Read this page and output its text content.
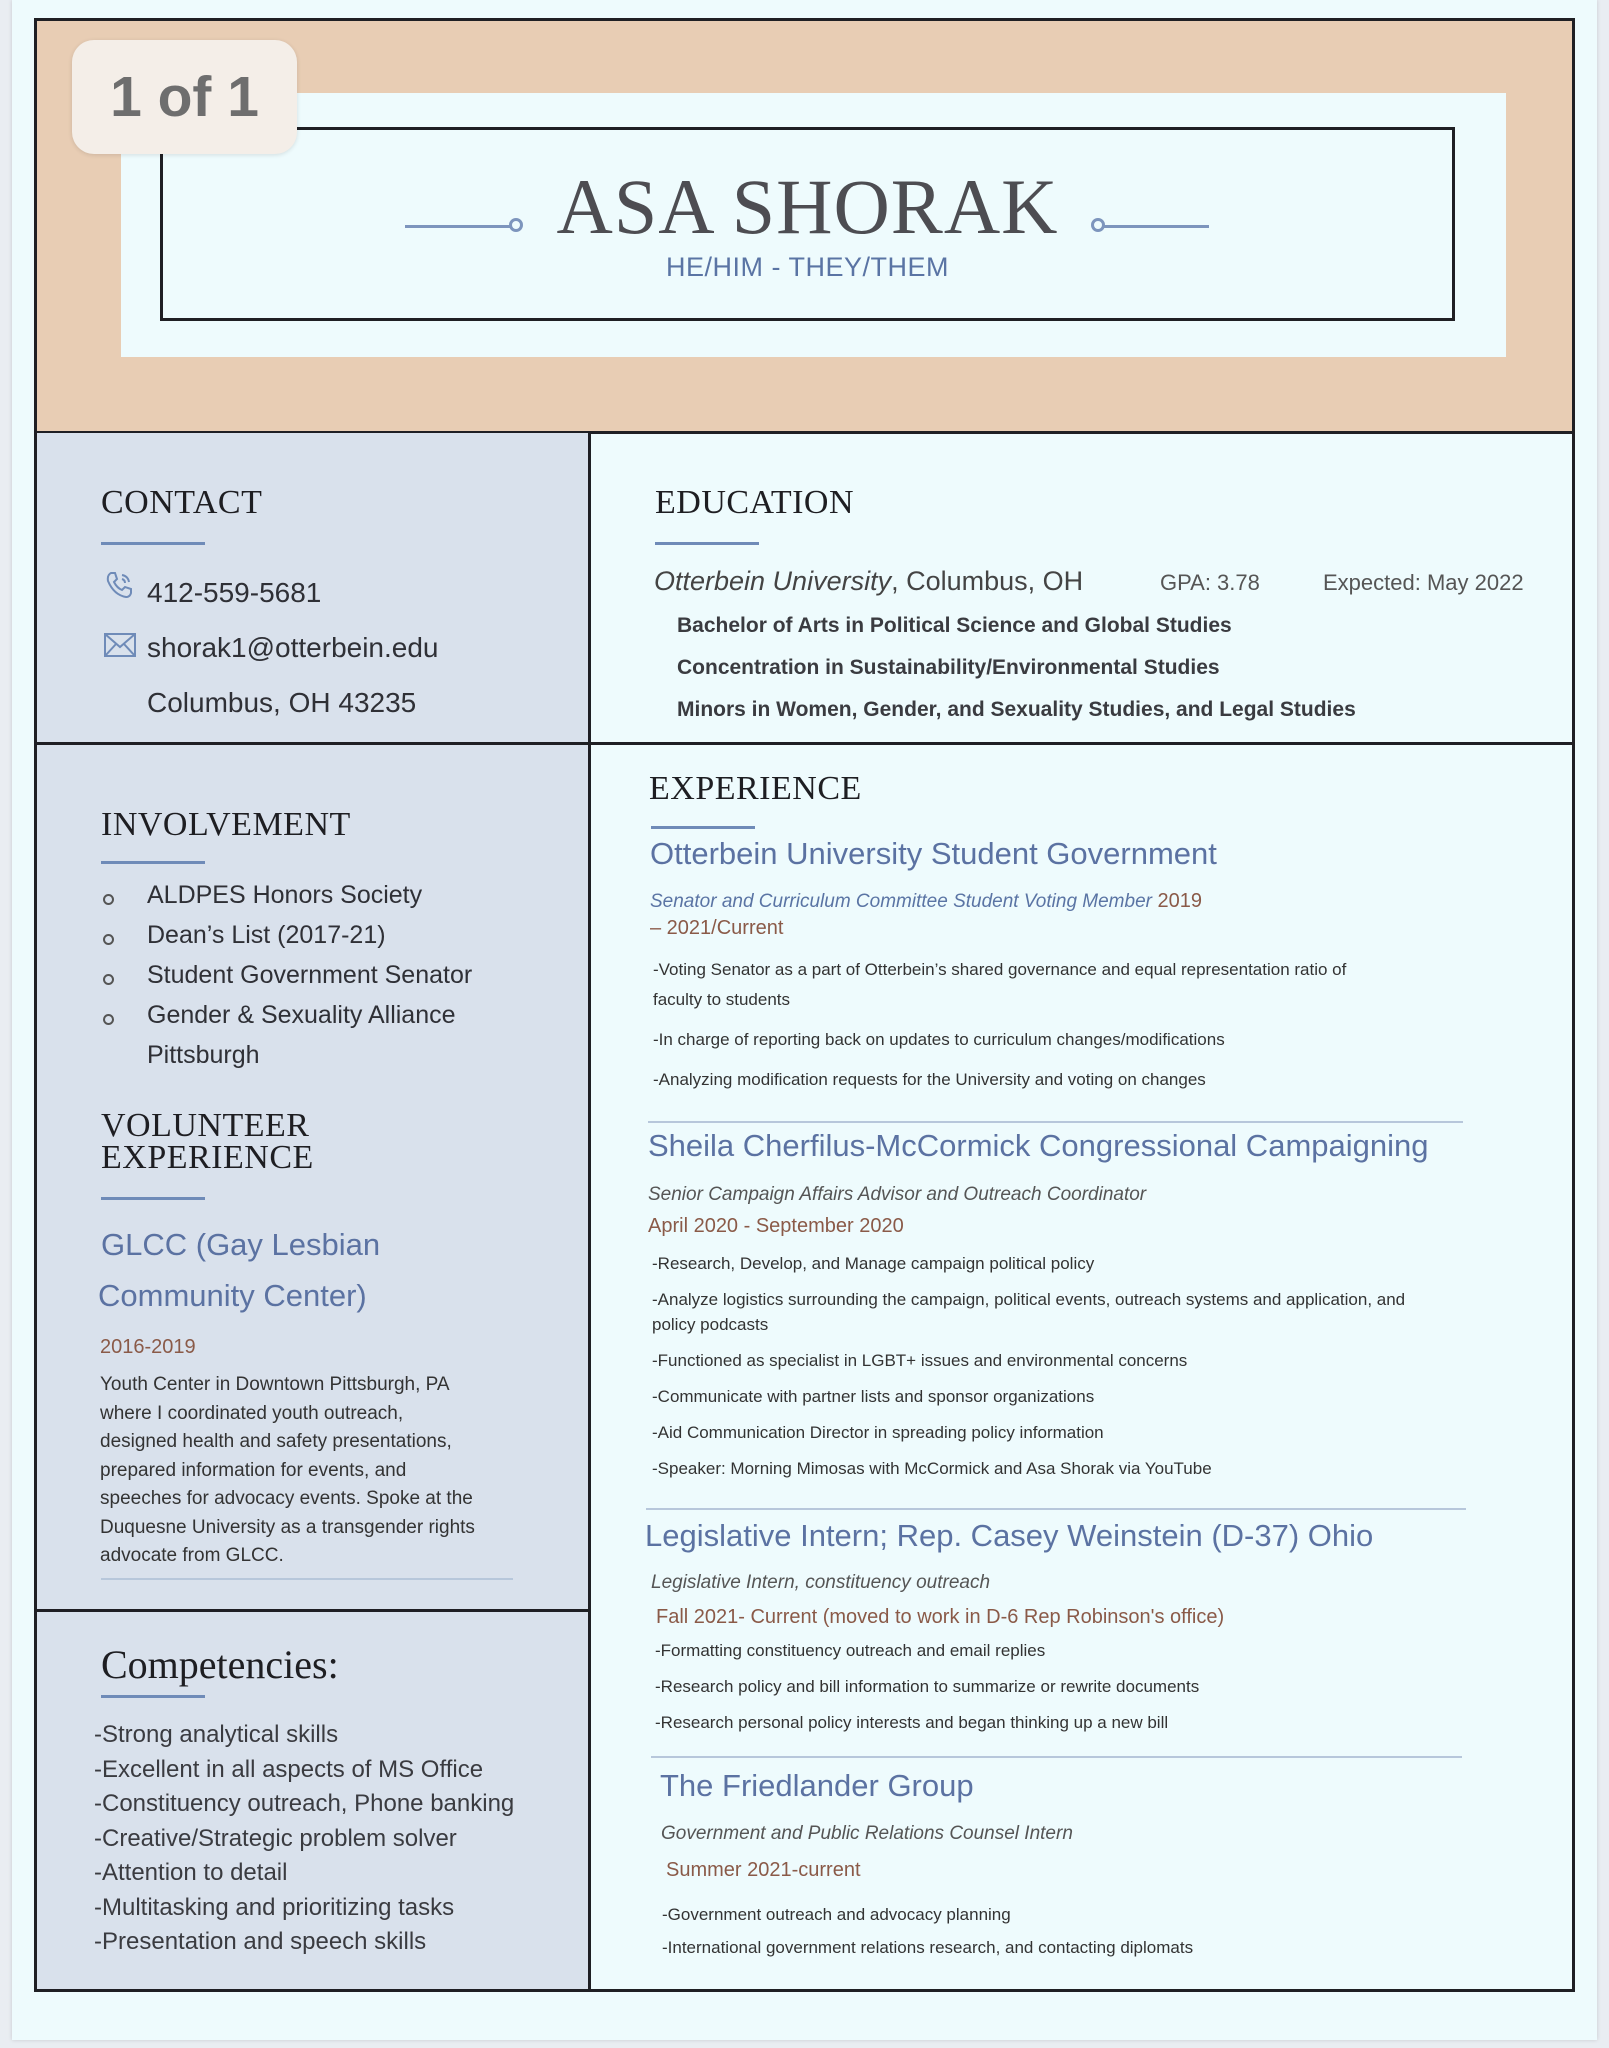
ASA SHORAK
HE/HIM - THEY/THEM
1 of 1
CONTACT
412-559-5681
shorak1@otterbein.edu
Columbus, OH 43235
EDUCATION
Otterbein University, Columbus, OH	GPA: 3.78	Expected: May 2022
Bachelor of Arts in Political Science and Global Studies
Concentration in Sustainability/Environmental Studies
Minors in Women, Gender, and Sexuality Studies, and Legal Studies
INVOLVEMENT
ALDPES Honors Society
Dean’s List (2017-21)
Student Government Senator
Gender & Sexuality Alliance
Pittsburgh
VOLUNTEER
EXPERIENCE
GLCC (Gay Lesbian
Community Center)
2016-2019
Youth Center in Downtown Pittsburgh, PA
where I coordinated youth outreach,
designed health and safety presentations,
prepared information for events, and
speeches for advocacy events. Spoke at the
Duquesne University as a transgender rights
advocate from GLCC.
Competencies:
-Strong analytical skills
-Excellent in all aspects of MS Office
-Constituency outreach, Phone banking
-Creative/Strategic problem solver
-Attention to detail
-Multitasking and prioritizing tasks
-Presentation and speech skills
EXPERIENCE
Otterbein University Student Government
Senator and Curriculum Committee Student Voting Member 2019
– 2021/Current
-Voting Senator as a part of Otterbein’s shared governance and equal representation ratio of
faculty to students
-In charge of reporting back on updates to curriculum changes/modifications
-Analyzing modification requests for the University and voting on changes
Sheila Cherfilus-McCormick Congressional Campaigning
Senior Campaign Affairs Advisor and Outreach Coordinator
April 2020 - September 2020
-Research, Develop, and Manage campaign political policy
-Analyze logistics surrounding the campaign, political events, outreach systems and application, and
policy podcasts
-Functioned as specialist in LGBT+ issues and environmental concerns
-Communicate with partner lists and sponsor organizations
-Aid Communication Director in spreading policy information
-Speaker: Morning Mimosas with McCormick and Asa Shorak via YouTube
Legislative Intern; Rep. Casey Weinstein (D-37) Ohio
Legislative Intern, constituency outreach
Fall 2021- Current (moved to work in D-6 Rep Robinson's office)
-Formatting constituency outreach and email replies
-Research policy and bill information to summarize or rewrite documents
-Research personal policy interests and began thinking up a new bill
The Friedlander Group
Government and Public Relations Counsel Intern
Summer 2021-current
-Government outreach and advocacy planning
-International government relations research, and contacting diplomats
